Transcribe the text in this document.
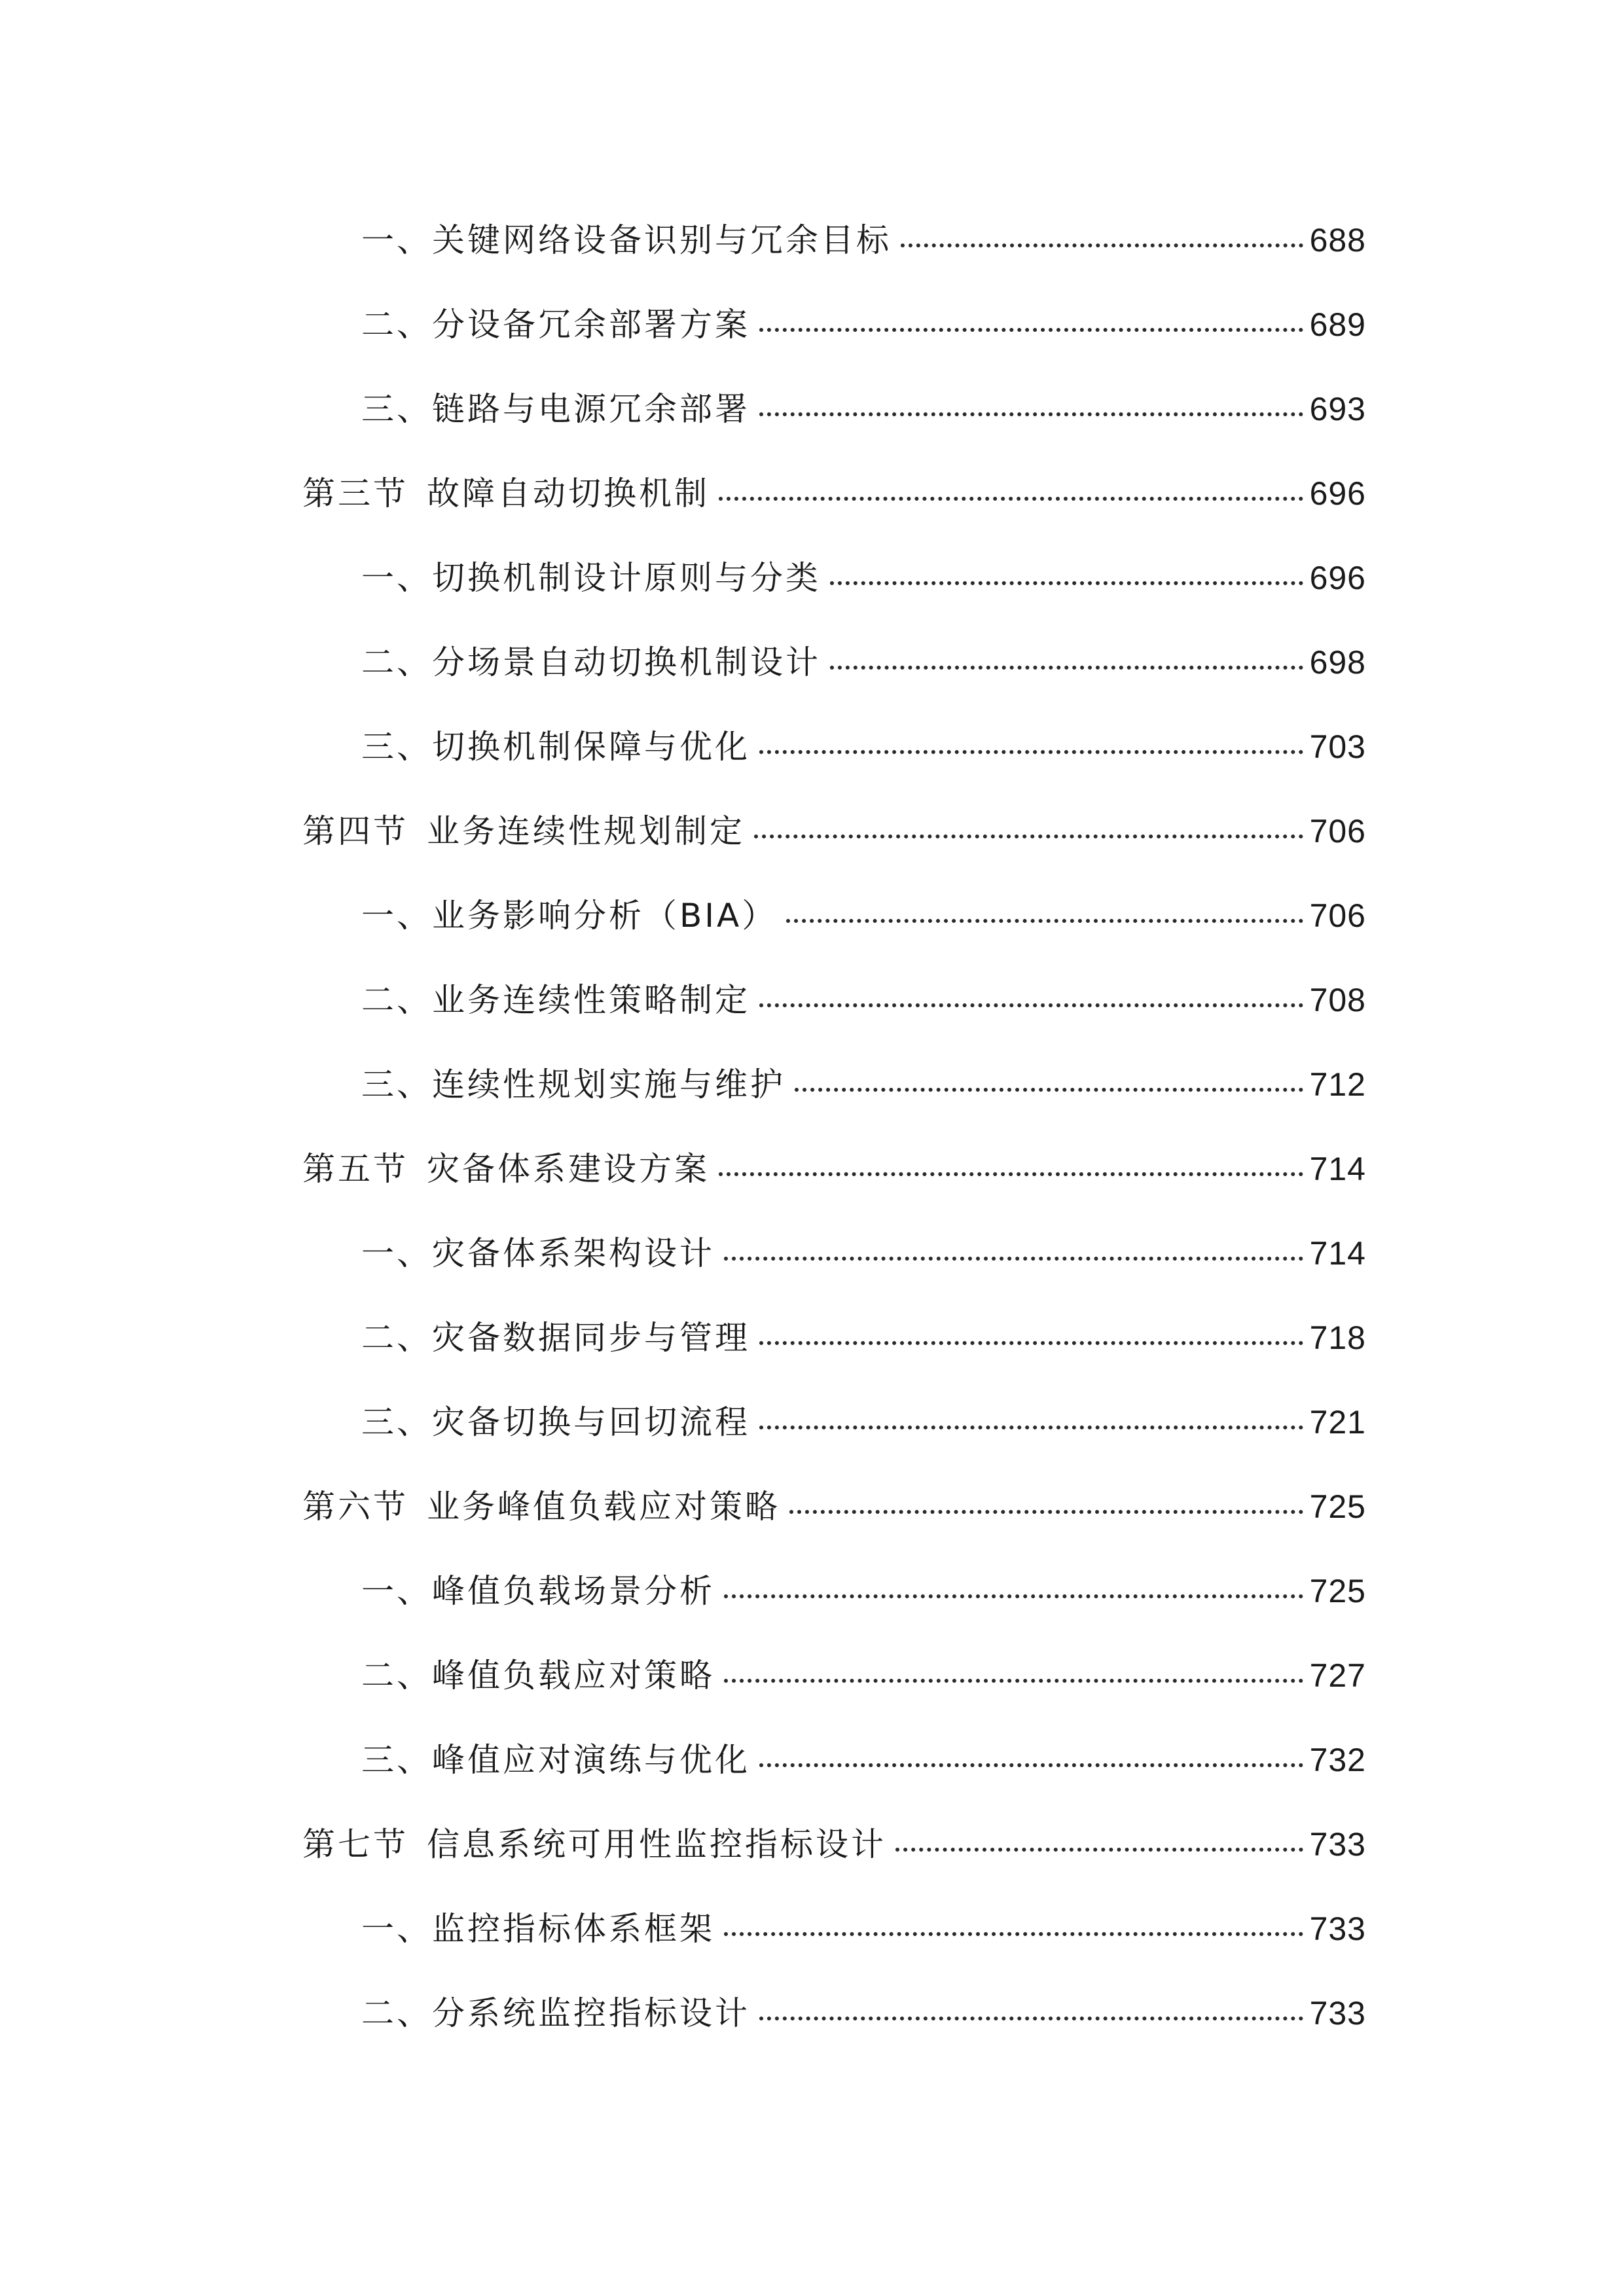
一、关键网络设备识别与冗余目标	688
二、分设备冗余部署方案	689
三、链路与电源冗余部署	693
第三节 故障自动切换机制	696
一、切换机制设计原则与分类	696
二、分场景自动切换机制设计	698
三、切换机制保障与优化	703
第四节 业务连续性规划制定	706
一、业务影响分析（BIA）	706
二、业务连续性策略制定	708
三、连续性规划实施与维护	712
第五节 灾备体系建设方案	714
一、灾备体系架构设计	714
二、灾备数据同步与管理	718
三、灾备切换与回切流程	721
第六节 业务峰值负载应对策略	725
一、峰值负载场景分析	725
二、峰值负载应对策略	727
三、峰值应对演练与优化	732
第七节 信息系统可用性监控指标设计	733
一、监控指标体系框架	733
二、分系统监控指标设计	733
